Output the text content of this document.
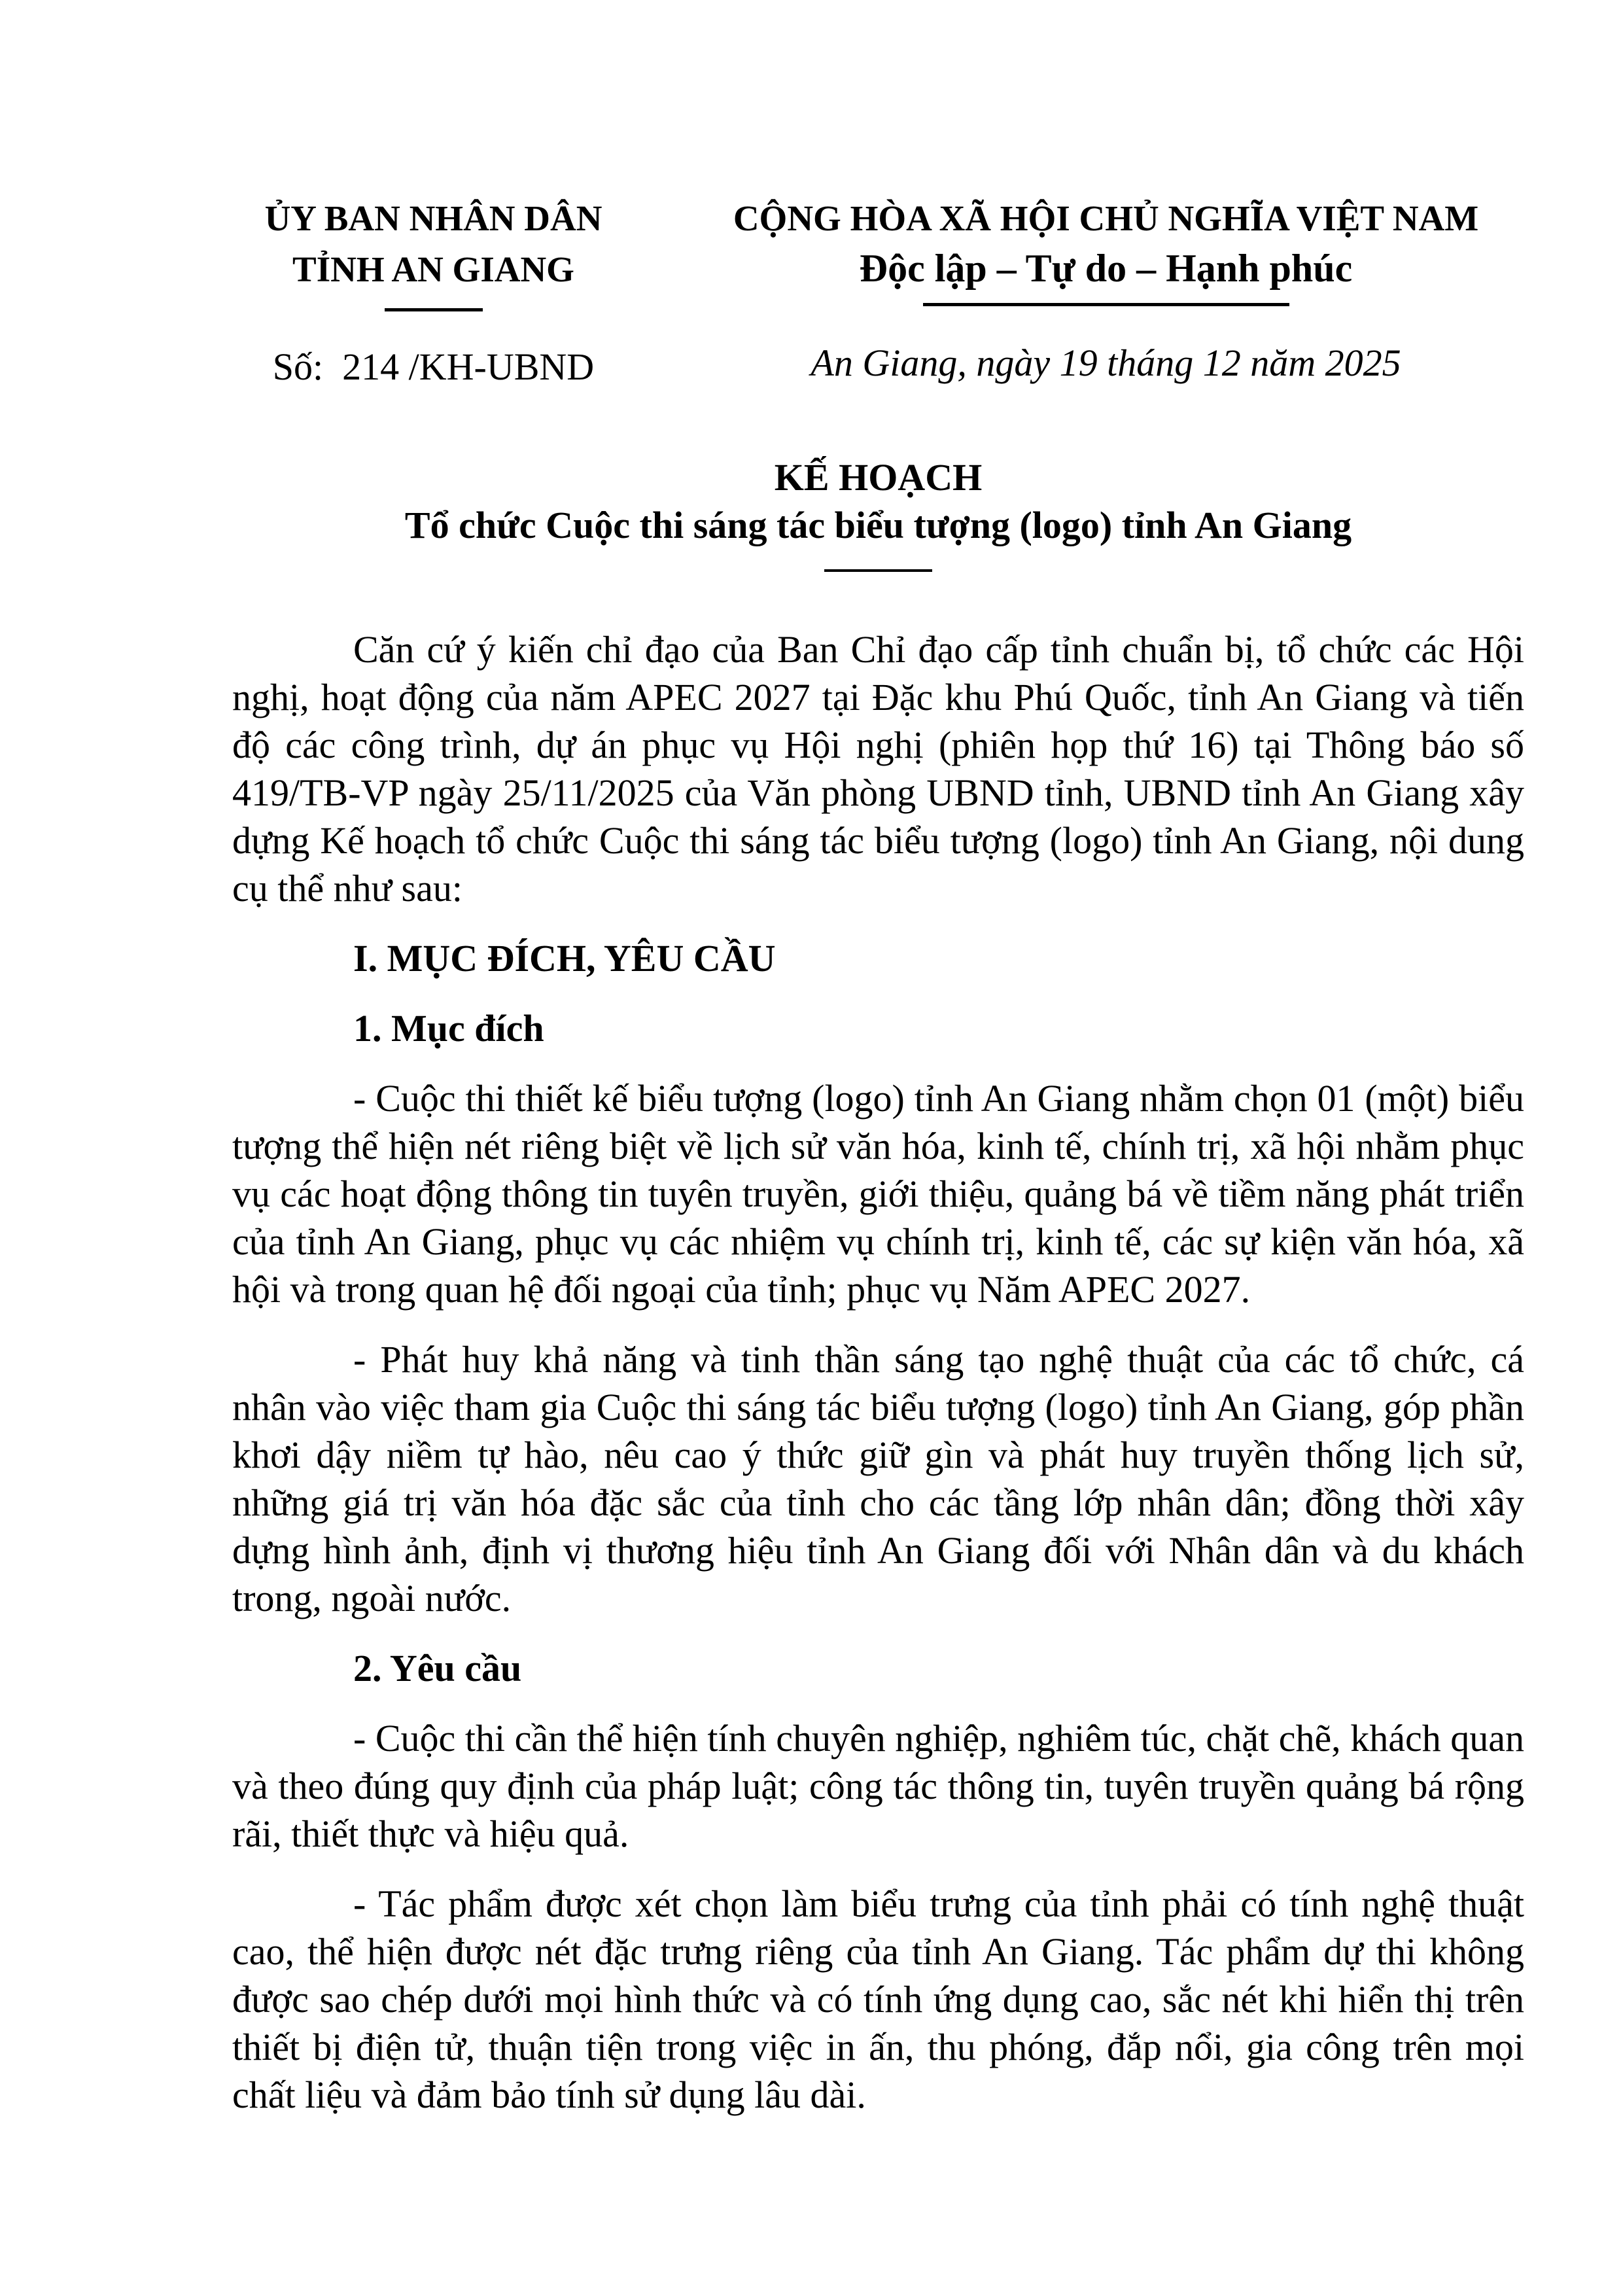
ỦY BAN NHÂN DÂN
TỈNH AN GIANG
Số:  214 /KH-UBND
CỘNG HÒA XÃ HỘI CHỦ NGHĨA VIỆT NAM
Độc lập – Tự do – Hạnh phúc
An Giang, ngày 19 tháng 12 năm 2025
KẾ HOẠCH
Tổ chức Cuộc thi sáng tác biểu tượng (logo) tỉnh An Giang

Căn cứ ý kiến chỉ đạo của Ban Chỉ đạo cấp tỉnh chuẩn bị, tổ chức các Hội nghị, hoạt động của năm APEC 2027 tại Đặc khu Phú Quốc, tỉnh An Giang và tiến độ các công trình, dự án phục vụ Hội nghị (phiên họp thứ 16) tại Thông báo số 419/TB-VP ngày 25/11/2025 của Văn phòng UBND tỉnh, UBND tỉnh An Giang xây dựng Kế hoạch tổ chức Cuộc thi sáng tác biểu tượng (logo) tỉnh An Giang, nội dung cụ thể như sau:

I. MỤC ĐÍCH, YÊU CẦU
1. Mục đích

- Cuộc thi thiết kế biểu tượng (logo) tỉnh An Giang nhằm chọn 01 (một) biểu tượng thể hiện nét riêng biệt về lịch sử văn hóa, kinh tế, chính trị, xã hội nhằm phục vụ các hoạt động thông tin tuyên truyền, giới thiệu, quảng bá về tiềm năng phát triển của tỉnh An Giang, phục vụ các nhiệm vụ chính trị, kinh tế, các sự kiện văn hóa, xã hội và trong quan hệ đối ngoại của tỉnh; phục vụ Năm APEC 2027.

- Phát huy khả năng và tinh thần sáng tạo nghệ thuật của các tổ chức, cá nhân vào việc tham gia Cuộc thi sáng tác biểu tượng (logo) tỉnh An Giang, góp phần khơi dậy niềm tự hào, nêu cao ý thức giữ gìn và phát huy truyền thống lịch sử, những giá trị văn hóa đặc sắc của tỉnh cho các tầng lớp nhân dân; đồng thời xây dựng hình ảnh, định vị thương hiệu tỉnh An Giang đối với Nhân dân và du khách trong, ngoài nước.

2. Yêu cầu

- Cuộc thi cần thể hiện tính chuyên nghiệp, nghiêm túc, chặt chẽ, khách quan và theo đúng quy định của pháp luật; công tác thông tin, tuyên truyền quảng bá rộng rãi, thiết thực và hiệu quả.

- Tác phẩm được xét chọn làm biểu trưng của tỉnh phải có tính nghệ thuật cao, thể hiện được nét đặc trưng riêng của tỉnh An Giang. Tác phẩm dự thi không được sao chép dưới mọi hình thức và có tính ứng dụng cao, sắc nét khi hiển thị trên thiết bị điện tử, thuận tiện trong việc in ấn, thu phóng, đắp nổi, gia công trên mọi chất liệu và đảm bảo tính sử dụng lâu dài.
